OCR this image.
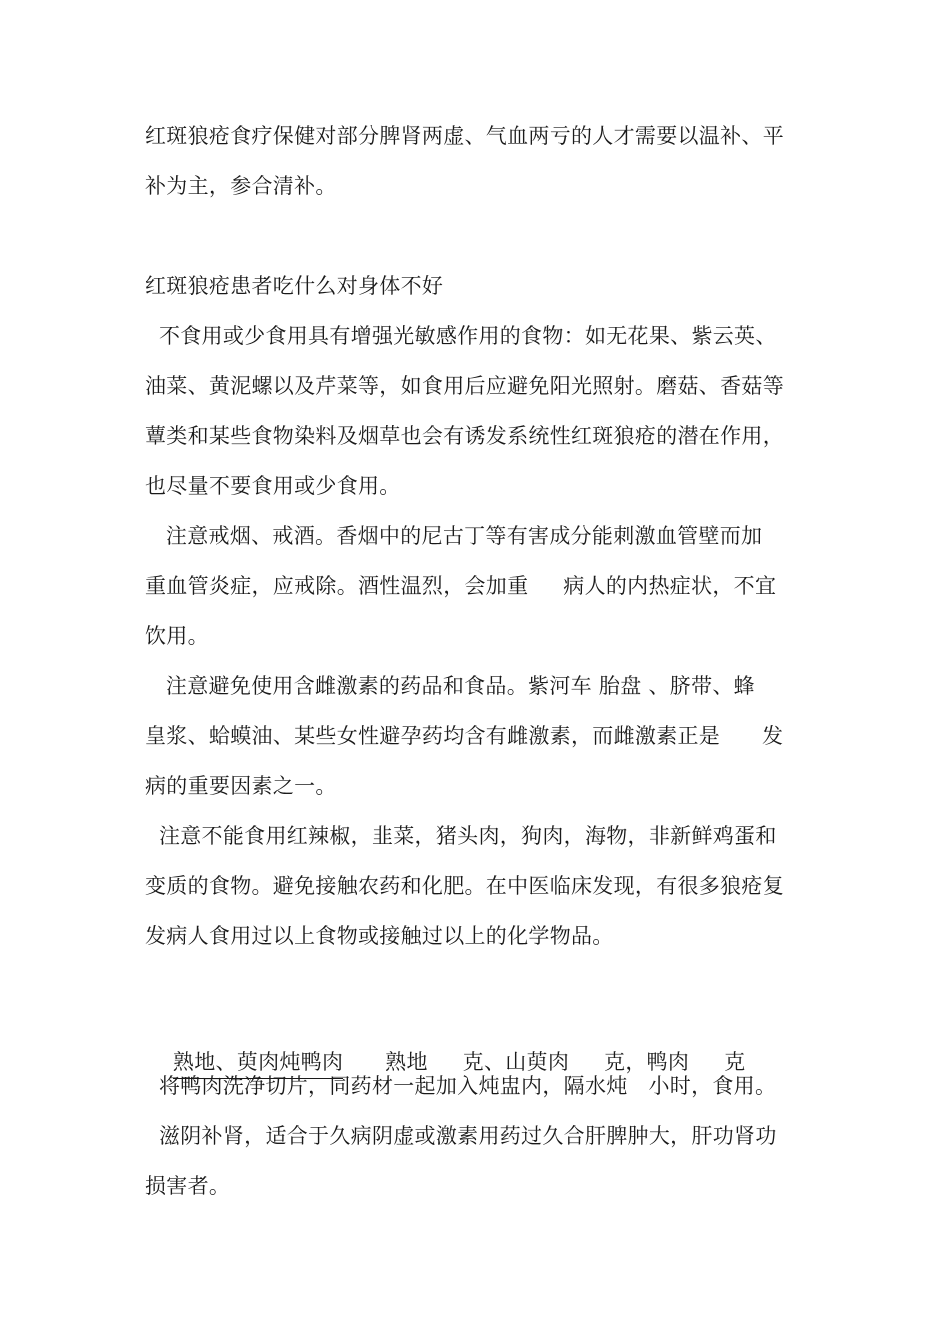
红斑狼疮食疗保健对部分脾肾两虚、气血两亏的人才需要以温补、平
补为主，参合清补。
红斑狼疮患者吃什么对身体不好
不食用或少食用具有增强光敏感作用的食物：如无花果、紫云英、
油菜、黄泥螺以及芹菜等，如食用后应避免阳光照射。磨菇、香菇等
蕈类和某些食物染料及烟草也会有诱发系统性红斑狼疮的潜在作用，
也尽量不要食用或少食用。
注意戒烟、戒酒。香烟中的尼古丁等有害成分能刺激血管壁而加
重血管炎症，应戒除。酒性温烈，会加重     病人的内热症状，不宜
饮用。
注意避免使用含雌激素的药品和食品。紫河车 胎盘 、脐带、蜂
皇浆、蛤蟆油、某些女性避孕药均含有雌激素，而雌激素正是      发
病的重要因素之一。
注意不能食用红辣椒，韭菜，猪头肉，狗肉，海物，非新鲜鸡蛋和
变质的食物。避免接触农药和化肥。在中医临床发现，有很多狼疮复
发病人食用过以上食物或接触过以上的化学物品。

熟地、萸肉炖鸭肉      熟地     克、山萸肉     克，鸭肉     克

将鸭肉洗净切片，同药材一起加入炖盅内，隔水炖   小时，食用。
滋阴补肾，适合于久病阴虚或激素用药过久合肝脾肿大，肝功肾功
损害者。
